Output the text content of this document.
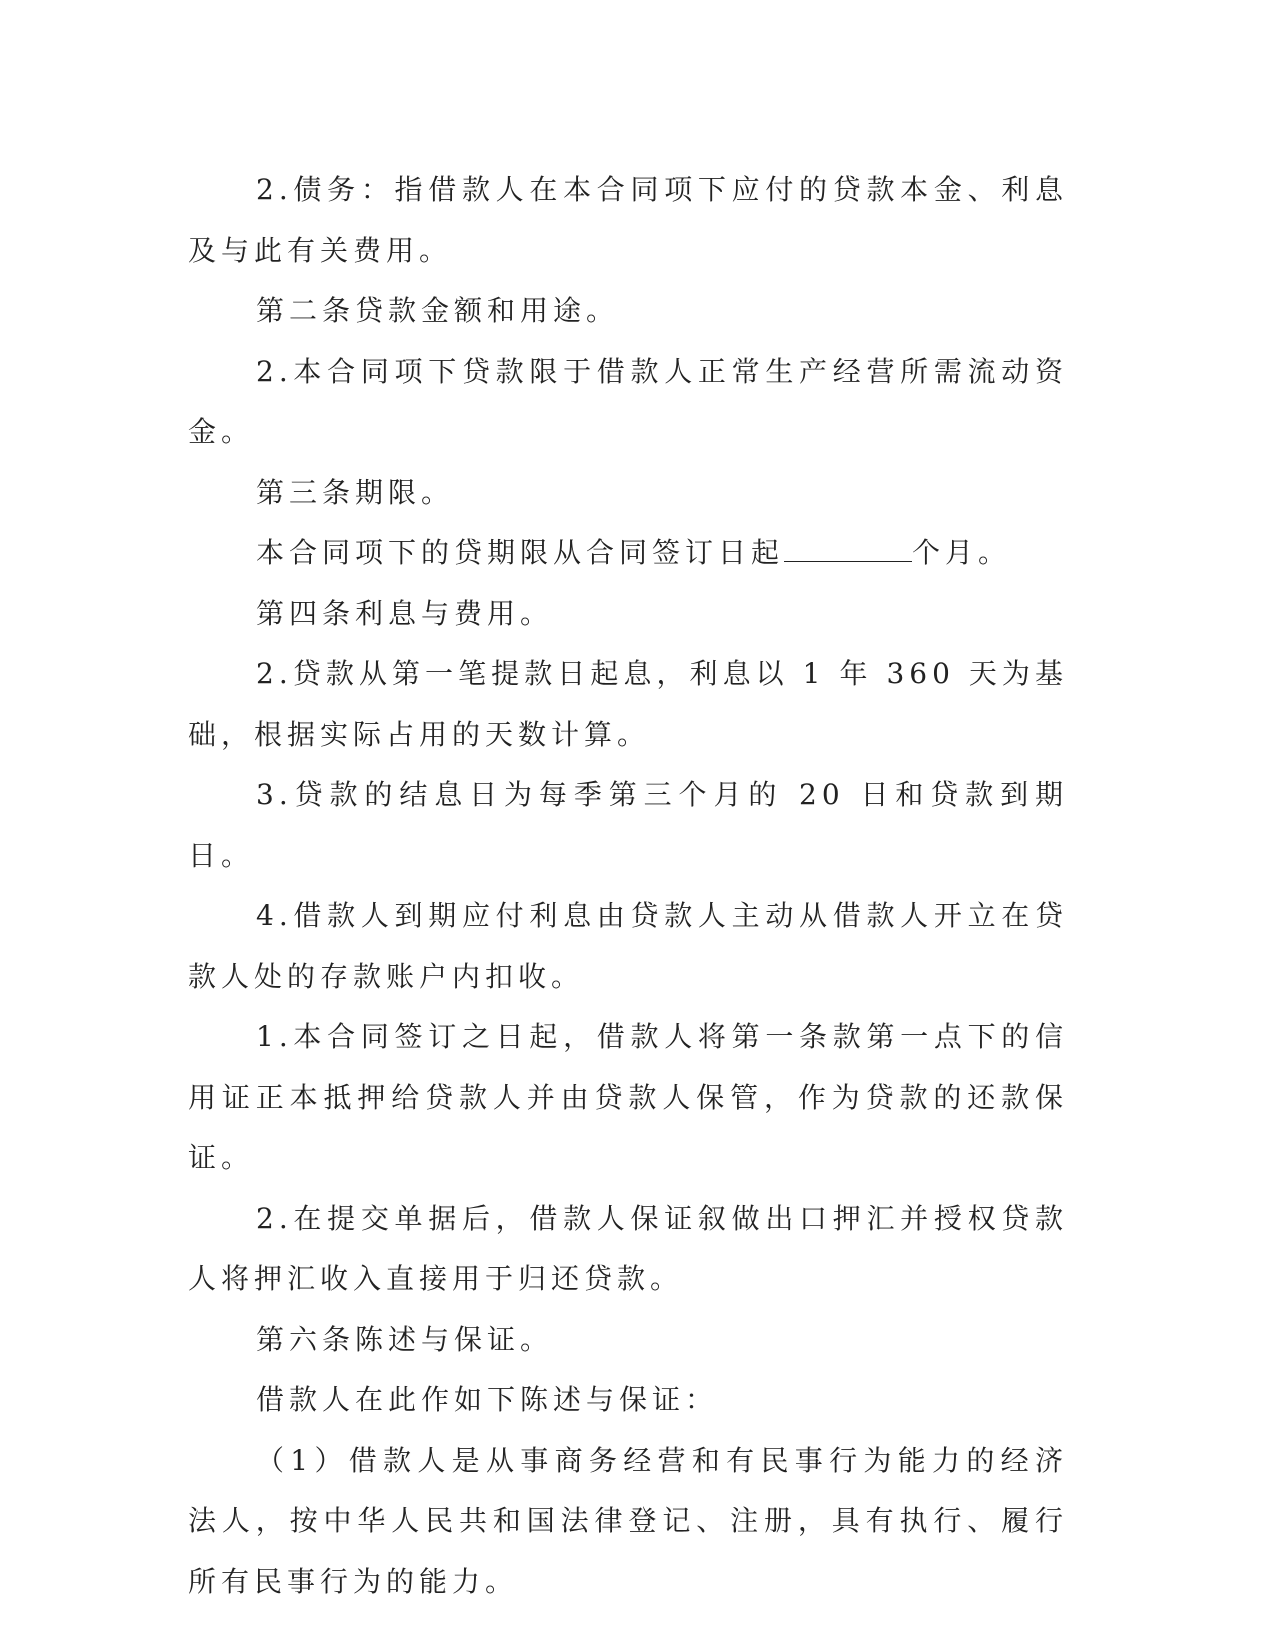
2.债务：指借款人在本合同项下应付的贷款本金、利息及与此有关费用。

第二条贷款金额和用途。

2.本合同项下贷款限于借款人正常生产经营所需流动资金。

第三条期限。

本合同项下的贷期限从合同签订日起	个月。

第四条利息与费用。

2.贷款从第一笔提款日起息，利息以 1 年 360 天为基础，根据实际占用的天数计算。

3.贷款的结息日为每季第三个月的 20 日和贷款到期日。

4.借款人到期应付利息由贷款人主动从借款人开立在贷款人处的存款账户内扣收。

1.本合同签订之日起，借款人将第一条款第一点下的信用证正本抵押给贷款人并由贷款人保管，作为贷款的还款保证。

2.在提交单据后，借款人保证叙做出口押汇并授权贷款人将押汇收入直接用于归还贷款。

第六条陈述与保证。

借款人在此作如下陈述与保证：

（1）借款人是从事商务经营和有民事行为能力的经济法人，按中华人民共和国法律登记、注册，具有执行、履行所有民事行为的能力。
